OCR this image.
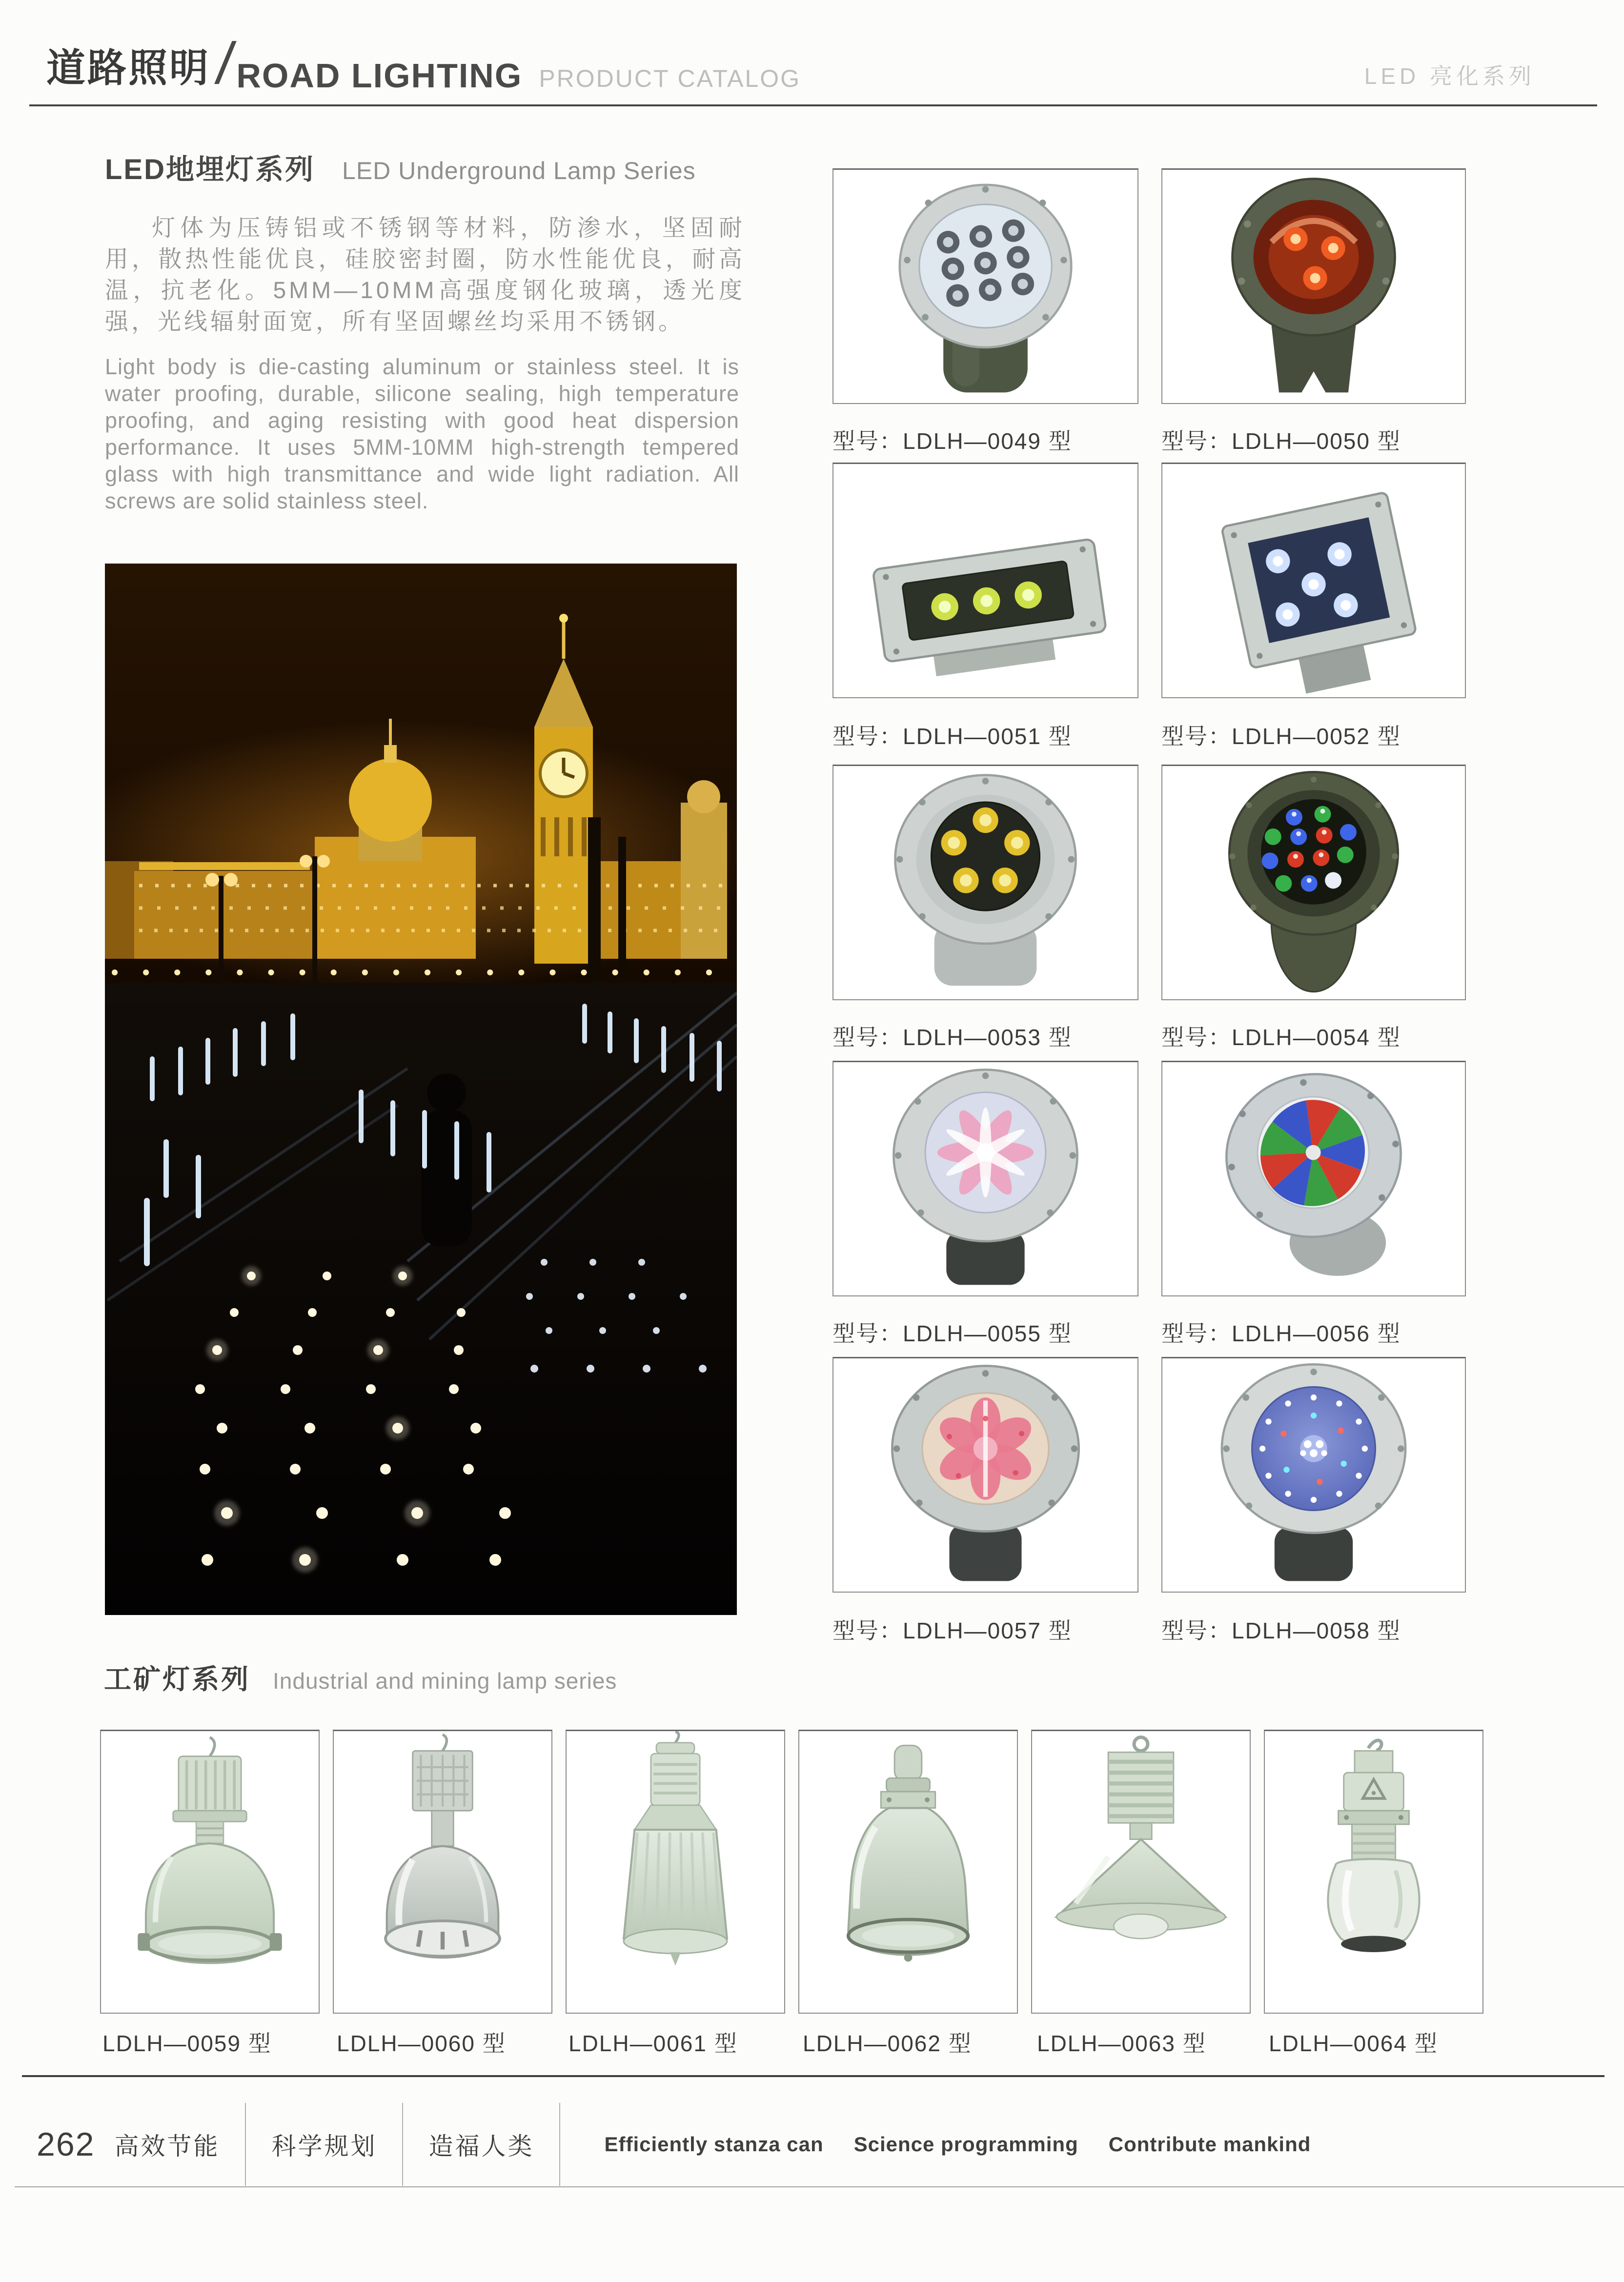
道路照明 /
ROAD LIGHTING PRODUCT CATALOG	LED 亮化系列
LED地埋灯系列 LED Underground Lamp Series
灯体为压铸铝或不锈钢等材料，防渗水，坚固耐用，散热性能优良，硅胶密封圈，防水性能优良，耐高温，抗老化。5MM—10MM高强度钢化玻璃，透光度强，光线辐射面宽，所有坚固螺丝均采用不锈钢。
Light body is die-casting aluminum or stainless steel. It is water proofing, durable, silicone sealing, high temperature proofing, and aging resisting with good heat dispersion performance. It uses 5MM-10MM high-strength tempered glass with high transmittance and wide light radiation. All screws are solid stainless steel.
型号：LDLH—0049 型	型号：LDLH—0050 型
型号：LDLH—0051 型	型号：LDLH—0052 型
型号：LDLH—0053 型	型号：LDLH—0054 型
型号：LDLH—0055 型	型号：LDLH—0056 型
型号：LDLH—0057 型	型号：LDLH—0058 型
工矿灯系列 Industrial and mining lamp series
LDLH—0059 型	LDLH—0060 型	LDLH—0061 型	LDLH—0062 型	LDLH—0063 型	LDLH—0064 型
262 高效节能	科学规划	造福人类	Efficiently stanza can Science programming Contribute mankind
